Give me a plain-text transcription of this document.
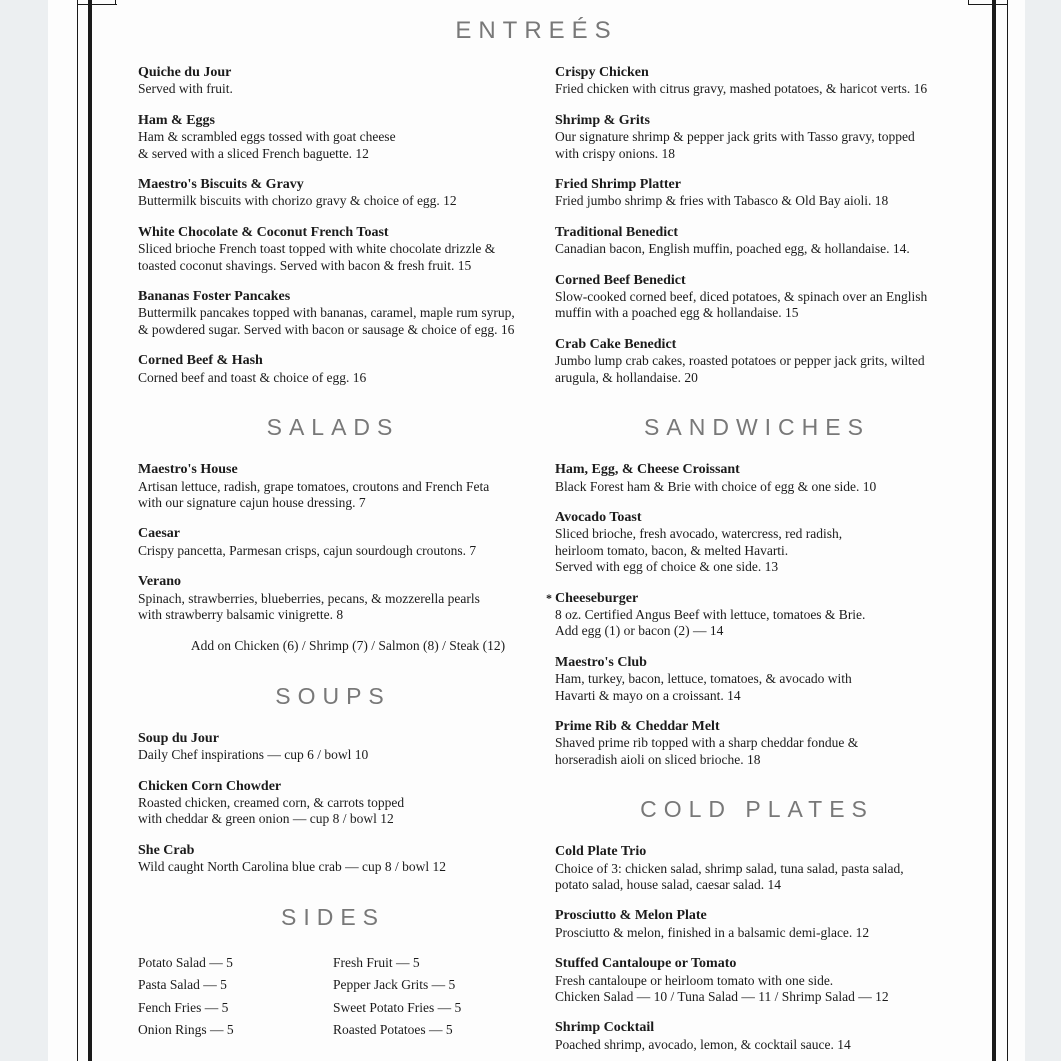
ENTREÉS
Quiche du Jour
Served with fruit.
Ham & Eggs
Ham & scrambled eggs tossed with goat cheese
& served with a sliced French baguette. 12
Maestro's Biscuits & Gravy
Buttermilk biscuits with chorizo gravy & choice of egg. 12
White Chocolate & Coconut French Toast
Sliced brioche French toast topped with white chocolate drizzle &
toasted coconut shavings. Served with bacon & fresh fruit. 15
Bananas Foster Pancakes
Buttermilk pancakes topped with bananas, caramel, maple rum syrup,
& powdered sugar. Served with bacon or sausage & choice of egg. 16
Corned Beef & Hash
Corned beef and toast & choice of egg. 16
SALADS
Maestro's House
Artisan lettuce, radish, grape tomatoes, croutons and French Feta
with our signature cajun house dressing. 7
Caesar
Crispy pancetta, Parmesan crisps, cajun sourdough croutons. 7
Verano
Spinach, strawberries, blueberries, pecans, & mozzerella pearls
with strawberry balsamic vinigrette. 8
Add on Chicken (6) / Shrimp (7) / Salmon (8) / Steak (12)
SOUPS
Soup du Jour
Daily Chef inspirations — cup 6 / bowl 10
Chicken Corn Chowder
Roasted chicken, creamed corn, & carrots topped
with cheddar & green onion — cup 8 / bowl 12
She Crab
Wild caught North Carolina blue crab — cup 8 / bowl 12
SIDES
Potato Salad — 5
Pasta Salad — 5
Fench Fries — 5
Onion Rings — 5
Fresh Fruit — 5
Pepper Jack Grits — 5
Sweet Potato Fries — 5
Roasted Potatoes — 5
Crispy Chicken
Fried chicken with citrus gravy, mashed potatoes, & haricot verts. 16
Shrimp & Grits
Our signature shrimp & pepper jack grits with Tasso gravy, topped
with crispy onions. 18
Fried Shrimp Platter
Fried jumbo shrimp & fries with Tabasco & Old Bay aioli. 18
Traditional Benedict
Canadian bacon, English muffin, poached egg, & hollandaise. 14.
Corned Beef Benedict
Slow-cooked corned beef, diced potatoes, & spinach over an English
muffin with a poached egg & hollandaise. 15
Crab Cake Benedict
Jumbo lump crab cakes, roasted potatoes or pepper jack grits, wilted
arugula, & hollandaise. 20
SANDWICHES
Ham, Egg, & Cheese Croissant
Black Forest ham & Brie with choice of egg & one side. 10
Avocado Toast
Sliced brioche, fresh avocado, watercress, red radish,
heirloom tomato, bacon, & melted Havarti.
Served with egg of choice & one side. 13
* Cheeseburger
8 oz. Certified Angus Beef with lettuce, tomatoes & Brie.
Add egg (1) or bacon (2) — 14
Maestro's Club
Ham, turkey, bacon, lettuce, tomatoes, & avocado with
Havarti & mayo on a croissant. 14
Prime Rib & Cheddar Melt
Shaved prime rib topped with a sharp cheddar fondue &
horseradish aioli on sliced brioche. 18
COLD PLATES
Cold Plate Trio
Choice of 3: chicken salad, shrimp salad, tuna salad, pasta salad,
potato salad, house salad, caesar salad. 14
Prosciutto & Melon Plate
Prosciutto & melon, finished in a balsamic demi-glace. 12
Stuffed Cantaloupe or Tomato
Fresh cantaloupe or heirloom tomato with one side.
Chicken Salad — 10 / Tuna Salad — 11 / Shrimp Salad — 12
Shrimp Cocktail
Poached shrimp, avocado, lemon, & cocktail sauce. 14
